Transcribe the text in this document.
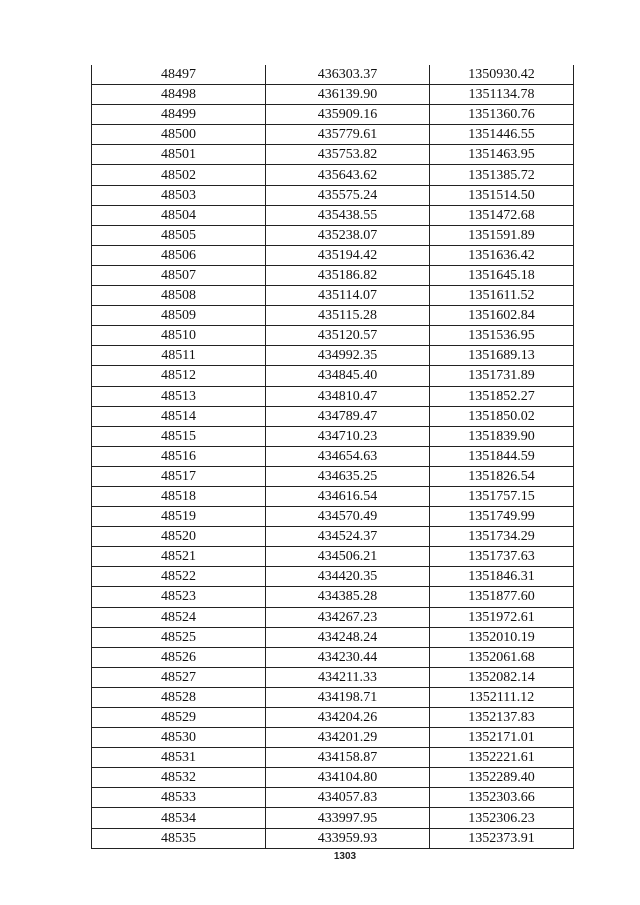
48497	436303.37	1350930.42
48498	436139.90	1351134.78
48499	435909.16	1351360.76
48500	435779.61	1351446.55
48501	435753.82	1351463.95
48502	435643.62	1351385.72
48503	435575.24	1351514.50
48504	435438.55	1351472.68
48505	435238.07	1351591.89
48506	435194.42	1351636.42
48507	435186.82	1351645.18
48508	435114.07	1351611.52
48509	435115.28	1351602.84
48510	435120.57	1351536.95
48511	434992.35	1351689.13
48512	434845.40	1351731.89
48513	434810.47	1351852.27
48514	434789.47	1351850.02
48515	434710.23	1351839.90
48516	434654.63	1351844.59
48517	434635.25	1351826.54
48518	434616.54	1351757.15
48519	434570.49	1351749.99
48520	434524.37	1351734.29
48521	434506.21	1351737.63
48522	434420.35	1351846.31
48523	434385.28	1351877.60
48524	434267.23	1351972.61
48525	434248.24	1352010.19
48526	434230.44	1352061.68
48527	434211.33	1352082.14
48528	434198.71	1352111.12
48529	434204.26	1352137.83
48530	434201.29	1352171.01
48531	434158.87	1352221.61
48532	434104.80	1352289.40
48533	434057.83	1352303.66
48534	433997.95	1352306.23
48535	433959.93	1352373.91
1303
